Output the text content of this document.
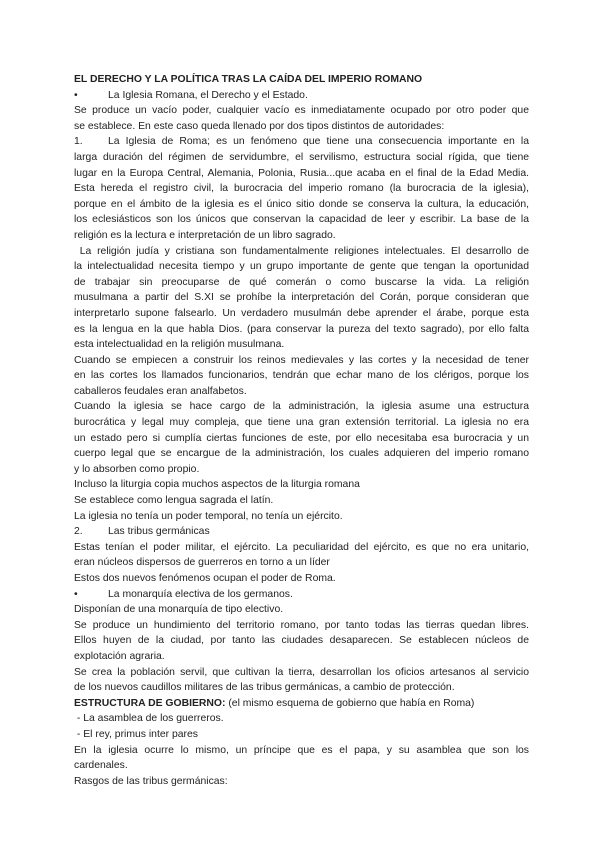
EL DERECHO Y LA POLÍTICA TRAS LA CAÍDA DEL IMPERIO ROMANO
•	La Iglesia Romana, el Derecho y el Estado.
Se produce un vacío poder, cualquier vacío es inmediatamente ocupado por otro poder que
se establece. En este caso queda llenado por dos tipos distintos de autoridades:
1.	La Iglesia de Roma; es un fenómeno que tiene una consecuencia importante en la
larga duración del régimen de servidumbre, el servilismo, estructura social rígida, que tiene
lugar en la Europa Central, Alemania, Polonia, Rusia...que acaba en el final de la Edad Media.
Esta hereda el registro civil, la burocracia del imperio romano (la burocracia de la iglesia),
porque en el ámbito de la iglesia es el único sitio donde se conserva la cultura, la educación,
los eclesiásticos son los únicos que conservan la capacidad de leer y escribir. La base de la
religión es la lectura e interpretación de un libro sagrado.
La religión judía y cristiana son fundamentalmente religiones intelectuales. El desarrollo de
la intelectualidad necesita tiempo y un grupo importante de gente que tengan la oportunidad
de trabajar sin preocuparse de qué comerán o como buscarse la vida. La religión
musulmana a partir del S.XI se prohíbe la interpretación del Corán, porque consideran que
interpretarlo supone falsearlo. Un verdadero musulmán debe aprender el árabe, porque esta
es la lengua en la que habla Dios. (para conservar la pureza del texto sagrado), por ello falta
esta intelectualidad en la religión musulmana.
Cuando se empiecen a construir los reinos medievales y las cortes y la necesidad de tener
en las cortes los llamados funcionarios, tendrán que echar mano de los clérigos, porque los
caballeros feudales eran analfabetos.
Cuando la iglesia se hace cargo de la administración, la iglesia asume una estructura
burocrática y legal muy compleja, que tiene una gran extensión territorial. La iglesia no era
un estado pero si cumplía ciertas funciones de este, por ello necesitaba esa burocracia y un
cuerpo legal que se encargue de la administración, los cuales adquieren del imperio romano
y lo absorben como propio.
Incluso la liturgia copia muchos aspectos de la liturgia romana
Se establece como lengua sagrada el latín.
La iglesia no tenía un poder temporal, no tenía un ejército.
2.	Las tribus germánicas
Estas tenían el poder militar, el ejército. La peculiaridad del ejército, es que no era unitario,
eran núcleos dispersos de guerreros en torno a un líder
Estos dos nuevos fenómenos ocupan el poder de Roma.
•	La monarquía electiva de los germanos.
Disponían de una monarquía de tipo electivo.
Se produce un hundimiento del territorio romano, por tanto todas las tierras quedan libres.
Ellos huyen de la ciudad, por tanto las ciudades desaparecen. Se establecen núcleos de
explotación agraria.
Se crea la población servil, que cultivan la tierra, desarrollan los oficios artesanos al servicio
de los nuevos caudillos militares de las tribus germánicas, a cambio de protección.
ESTRUCTURA DE GOBIERNO: (el mismo esquema de gobierno que había en Roma)
- La asamblea de los guerreros.
- El rey, primus inter pares
En la iglesia ocurre lo mismo, un príncipe que es el papa, y su asamblea que son los
cardenales.
Rasgos de las tribus germánicas:
